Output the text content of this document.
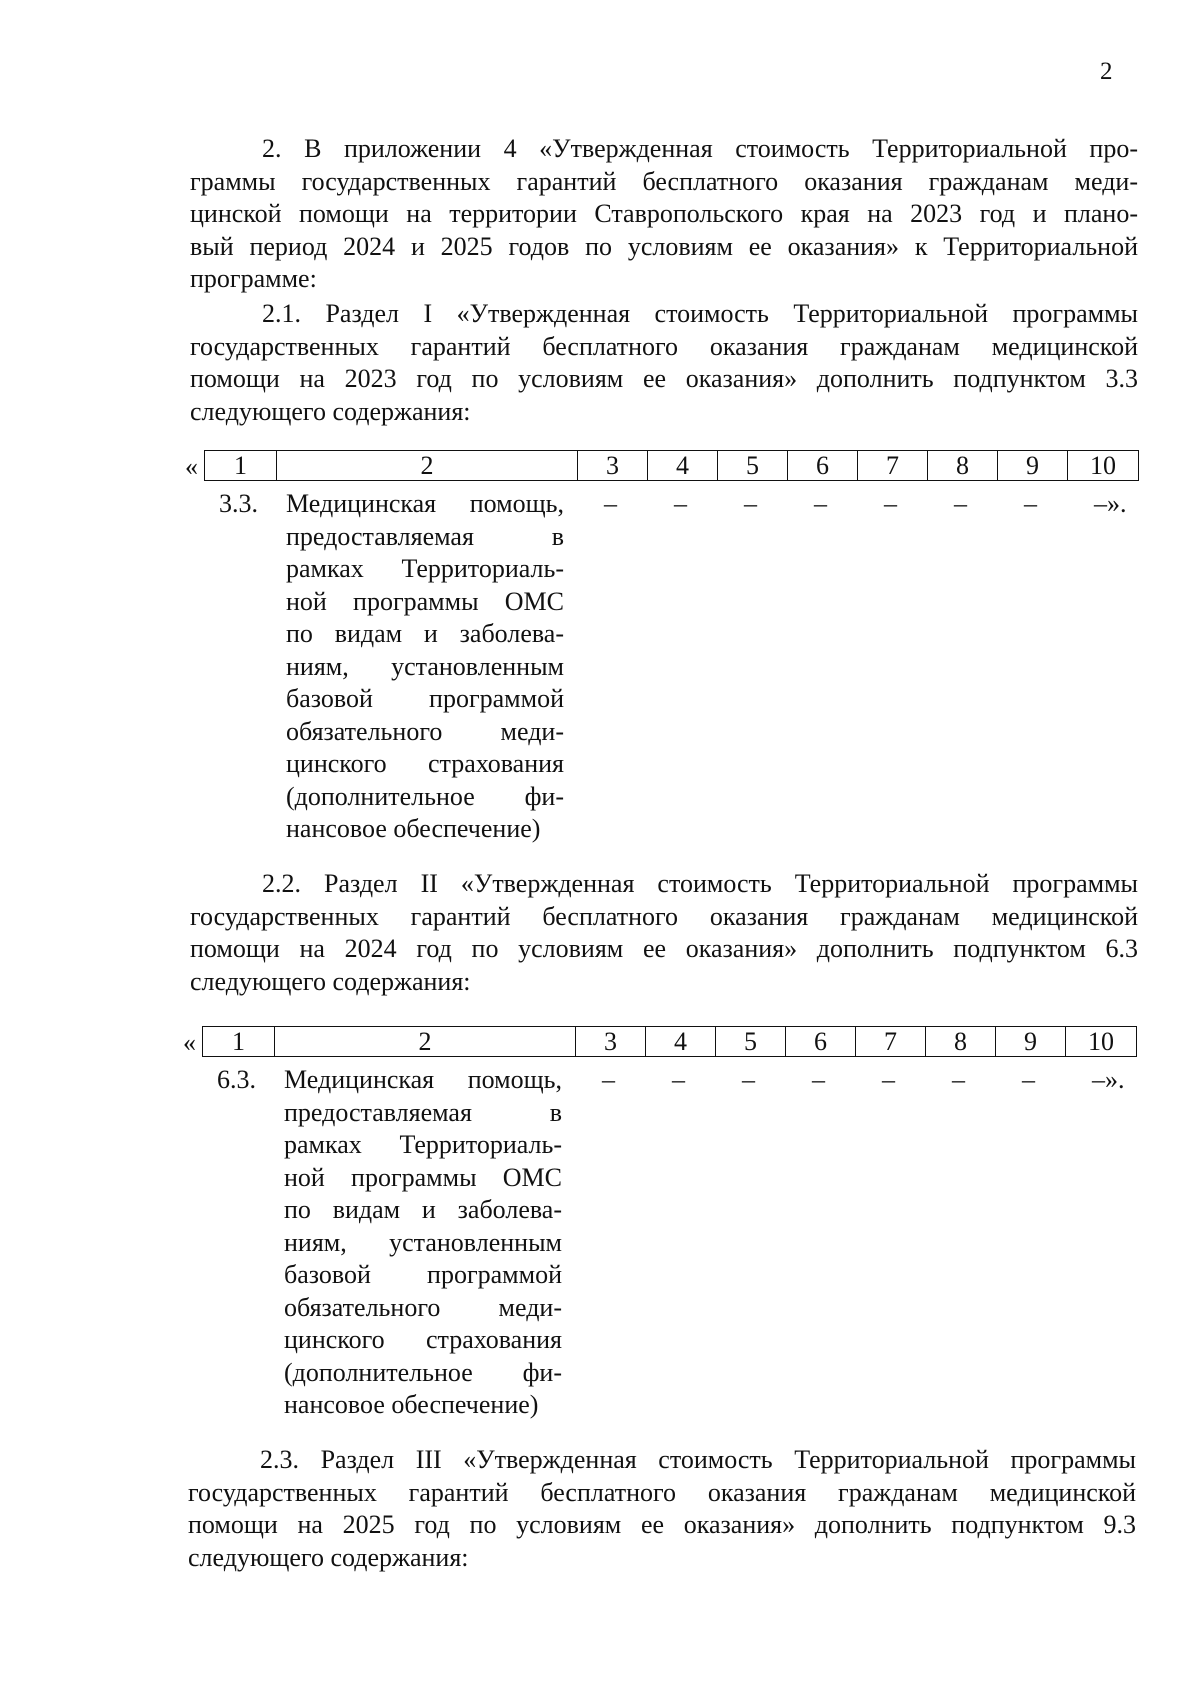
2
2. В приложении 4 «Утвержденная стоимость Территориальной про-
граммы государственных гарантий бесплатного оказания гражданам меди-
цинской помощи на территории Ставропольского края на 2023 год и плано-
вый период 2024 и 2025 годов по условиям ее оказания» к Территориальной
программе:
2.1. Раздел I «Утвержденная стоимость Территориальной программы
государственных гарантий бесплатного оказания гражданам медицинской
помощи на 2023 год по условиям ее оказания» дополнить подпунктом 3.3
следующего содержания:
« 1	2	3	4	5	6	7	8	9	10
3.3. Медицинская помощь,
предоставляемая в
рамках Территориаль-
ной программы ОМС
по видам и заболева-
ниям, установленным
базовой программой
обязательного меди-
цинского страхования
(дополнительное фи-
нансовое обеспечение)
– – – – – – – –».
2.2. Раздел II «Утвержденная стоимость Территориальной программы
государственных гарантий бесплатного оказания гражданам медицинской
помощи на 2024 год по условиям ее оказания» дополнить подпунктом 6.3
следующего содержания:
« 1	2	3	4	5	6	7	8	9	10
6.3. Медицинская помощь,
предоставляемая в
рамках Территориаль-
ной программы ОМС
по видам и заболева-
ниям, установленным
базовой программой
обязательного меди-
цинского страхования
(дополнительное фи-
нансовое обеспечение)
– – – – – – – –».
2.3. Раздел III «Утвержденная стоимость Территориальной программы
государственных гарантий бесплатного оказания гражданам медицинской
помощи на 2025 год по условиям ее оказания» дополнить подпунктом 9.3
следующего содержания:
